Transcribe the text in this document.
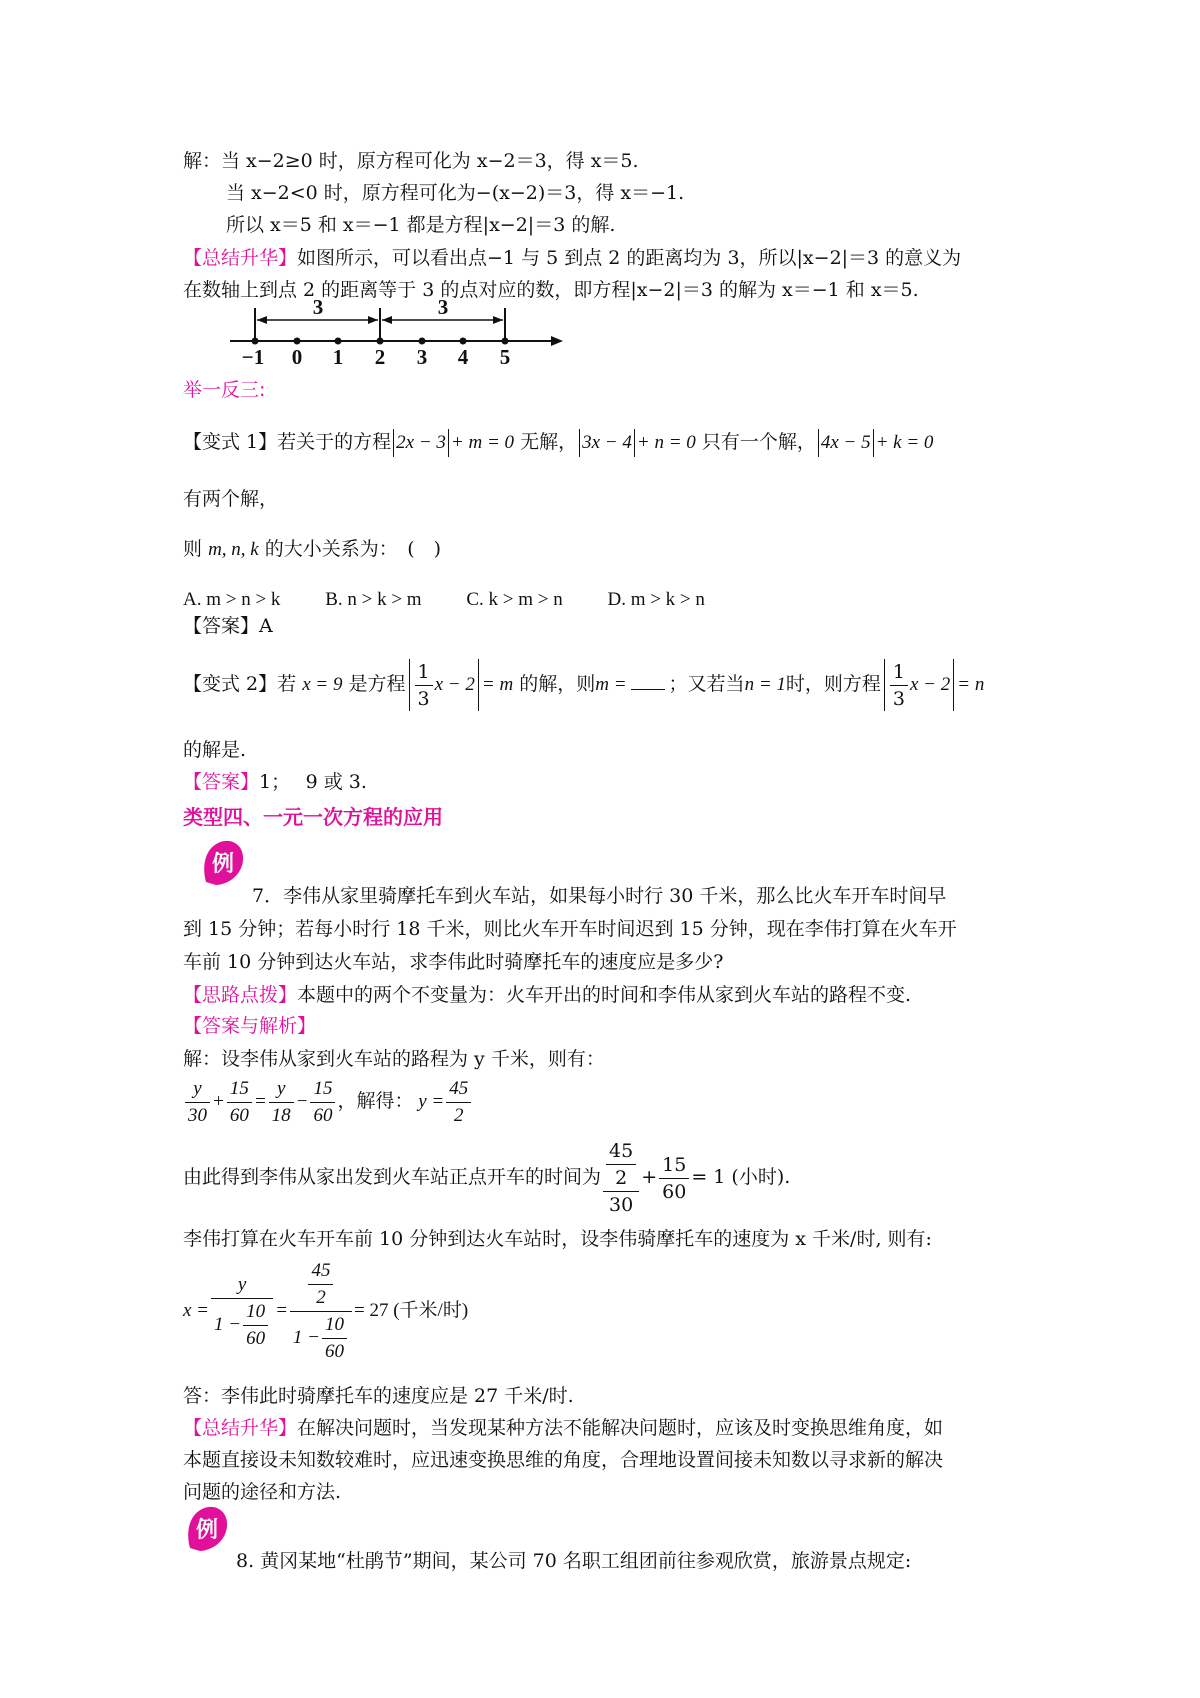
解：当 x−2≥0 时，原方程可化为 x−2＝3，得 x＝5.
当 x−2<0 时，原方程可化为−(x−2)＝3，得 x＝−1.
所以 x＝5 和 x＝−1 都是方程|x−2|＝3 的解.
【总结升华】如图所示，可以看出点−1 与 5 到点 2 的距离均为 3，所以|x−2|＝3 的意义为
在数轴上到点 2 的距离等于 3 的点对应的数，即方程|x−2|＝3 的解为 x＝−1 和 x＝5.
3	3
−1 0 1 2 3 4 5
举一反三:
【变式 1】若关于的方程 2x − 3 + m = 0 无解， 3x − 4 + n = 0 只有一个解， 4x − 5 + k = 0
有两个解，
则 m, n, k 的大小关系为：　(　)
A. m > n > k B. n > k > m C. k > m > n D. m > k > n
【答案】A
【变式 2】若 x = 9 是方程 $\frac{1}{3}$ x − 2 = m 的解，则m = ；又若当n = 1时，则方程 $\frac{1}{3}$ x − 2 = n
的解是.
【答案】1；　 9 或 3.
类型四、一元一次方程的应用
例
7．李伟从家里骑摩托车到火车站，如果每小时行 30 千米，那么比火车开车时间早
到 15 分钟；若每小时行 18 千米，则比火车开车时间迟到 15 分钟，现在李伟打算在火车开
车前 10 分钟到达火车站，求李伟此时骑摩托车的速度应是多少?
【思路点拨】本题中的两个不变量为：火车开出的时间和李伟从家到火车站的路程不变.
【答案与解析】
解：设李伟从家到火车站的路程为 y 千米，则有：
$\frac{y}{30} + \frac{15}{60} = \frac{y}{18} - \frac{15}{60}$ ，解得： $y = \frac{45}{2}$
由此得到李伟从家出发到火车站正点开车的时间为 $\frac{\frac{45}{2}}{30} + \frac{15}{60} = 1$ (小时).
李伟打算在火车开车前 10 分钟到达火车站时，设李伟骑摩托车的速度为 x 千米/时, 则有:
$x = \frac{y}{1 - \frac{10}{60}} = \frac{\frac{45}{2}}{1 - \frac{10}{60}} = 27$ (千米/时)
答：李伟此时骑摩托车的速度应是 27 千米/时.
【总结升华】在解决问题时，当发现某种方法不能解决问题时，应该及时变换思维角度，如
本题直接设未知数较难时，应迅速变换思维的角度，合理地设置间接未知数以寻求新的解决
问题的途径和方法.
例
8. 黄冈某地“杜鹃节”期间，某公司 70 名职工组团前往参观欣赏，旅游景点规定:
